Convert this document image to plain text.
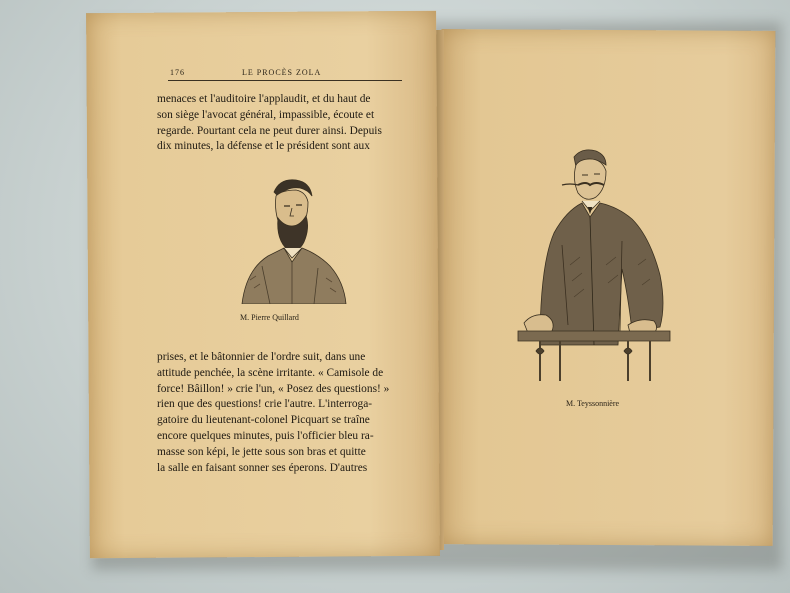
176	LE PROCÈS ZOLA
menaces et l'auditoire l'applaudit, et du haut de
son siège l'avocat général, impassible, écoute et
regarde. Pourtant cela ne peut durer ainsi. Depuis
dix minutes, la défense et le président sont aux
M. Pierre Quillard
prises, et le bâtonnier de l'ordre suit, dans une
attitude penchée, la scène irritante. « Camisole de
force! Bâillon! » crie l'un, « Posez des questions! »
rien que des questions! crie l'autre. L'interroga-
gatoire du lieutenant-colonel Picquart se traîne
encore quelques minutes, puis l'officier bleu ra-
masse son képi, le jette sous son bras et quitte
la salle en faisant sonner ses éperons. D'autres
M. Teyssonnière
